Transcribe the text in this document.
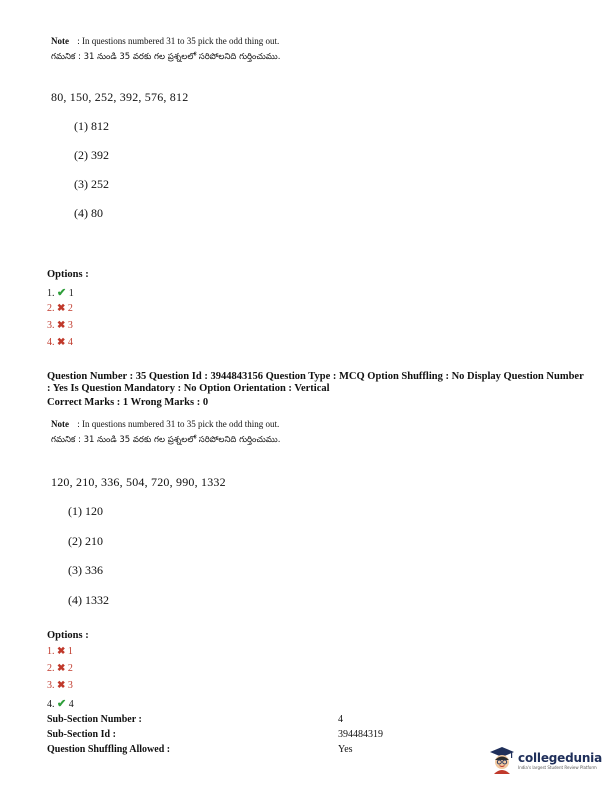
Note : In questions numbered 31 to 35 pick the odd thing out.
గమనిక : 31 నుండి 35 వరకు గల ప్రశ్నలలో సరిపోలనిది గుర్తించుము.
80, 150, 252, 392, 576, 812
(1) 812
(2) 392
(3) 252
(4) 80
Options :
1. ✔ 1
2. ✖ 2
3. ✖ 3
4. ✖ 4
Question Number : 35 Question Id : 3944843156 Question Type : MCQ Option Shuffling : No Display Question Number : Yes Is Question Mandatory : No Option Orientation : Vertical
Correct Marks : 1 Wrong Marks : 0
Note : In questions numbered 31 to 35 pick the odd thing out.
గమనిక : 31 నుండి 35 వరకు గల ప్రశ్నలలో సరిపోలనిది గుర్తించుము.
120, 210, 336, 504, 720, 990, 1332
(1) 120
(2) 210
(3) 336
(4) 1332
Options :
1. ✖ 1
2. ✖ 2
3. ✖ 3
4. ✔ 4
Sub-Section Number :	4
Sub-Section Id :	394484319
Question Shuffling Allowed :	Yes
collegedunia
India's largest Student Review Platform
